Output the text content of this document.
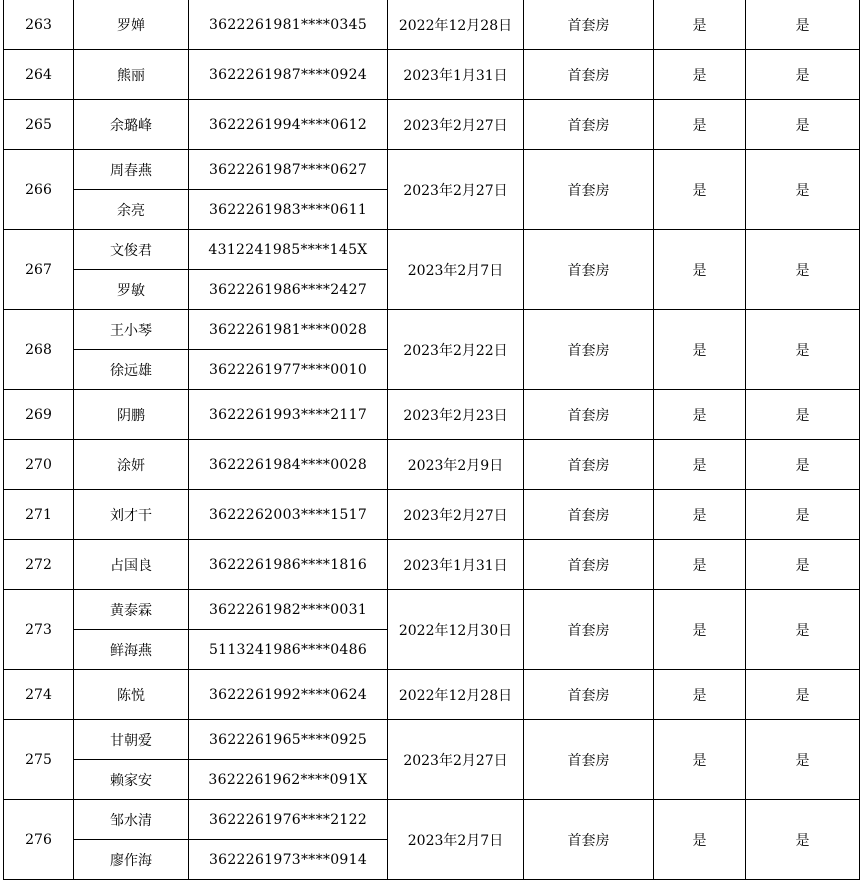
263	罗婵	3622261981****0345	2022年12月28日	首套房	是	是
264	熊丽	3622261987****0924	2023年1月31日	首套房	是	是
265	余璐峰	3622261994****0612	2023年2月27日	首套房	是	是
266	周春燕	3622261987****0627	2023年2月27日	首套房	是	是
	余亮	3622261983****0611				
267	文俊君	4312241985****145X	2023年2月7日	首套房	是	是
	罗敏	3622261986****2427				
268	王小琴	3622261981****0028	2023年2月22日	首套房	是	是
	徐远雄	3622261977****0010				
269	阴鹏	3622261993****2117	2023年2月23日	首套房	是	是
270	涂妍	3622261984****0028	2023年2月9日	首套房	是	是
271	刘才干	3622262003****1517	2023年2月27日	首套房	是	是
272	占国良	3622261986****1816	2023年1月31日	首套房	是	是
273	黄泰霖	3622261982****0031	2022年12月30日	首套房	是	是
	鲜海燕	5113241986****0486				
274	陈悦	3622261992****0624	2022年12月28日	首套房	是	是
275	甘朝爱	3622261965****0925	2023年2月27日	首套房	是	是
	赖家安	3622261962****091X				
276	邹水清	3622261976****2122	2023年2月7日	首套房	是	是
	廖作海	3622261973****0914				
